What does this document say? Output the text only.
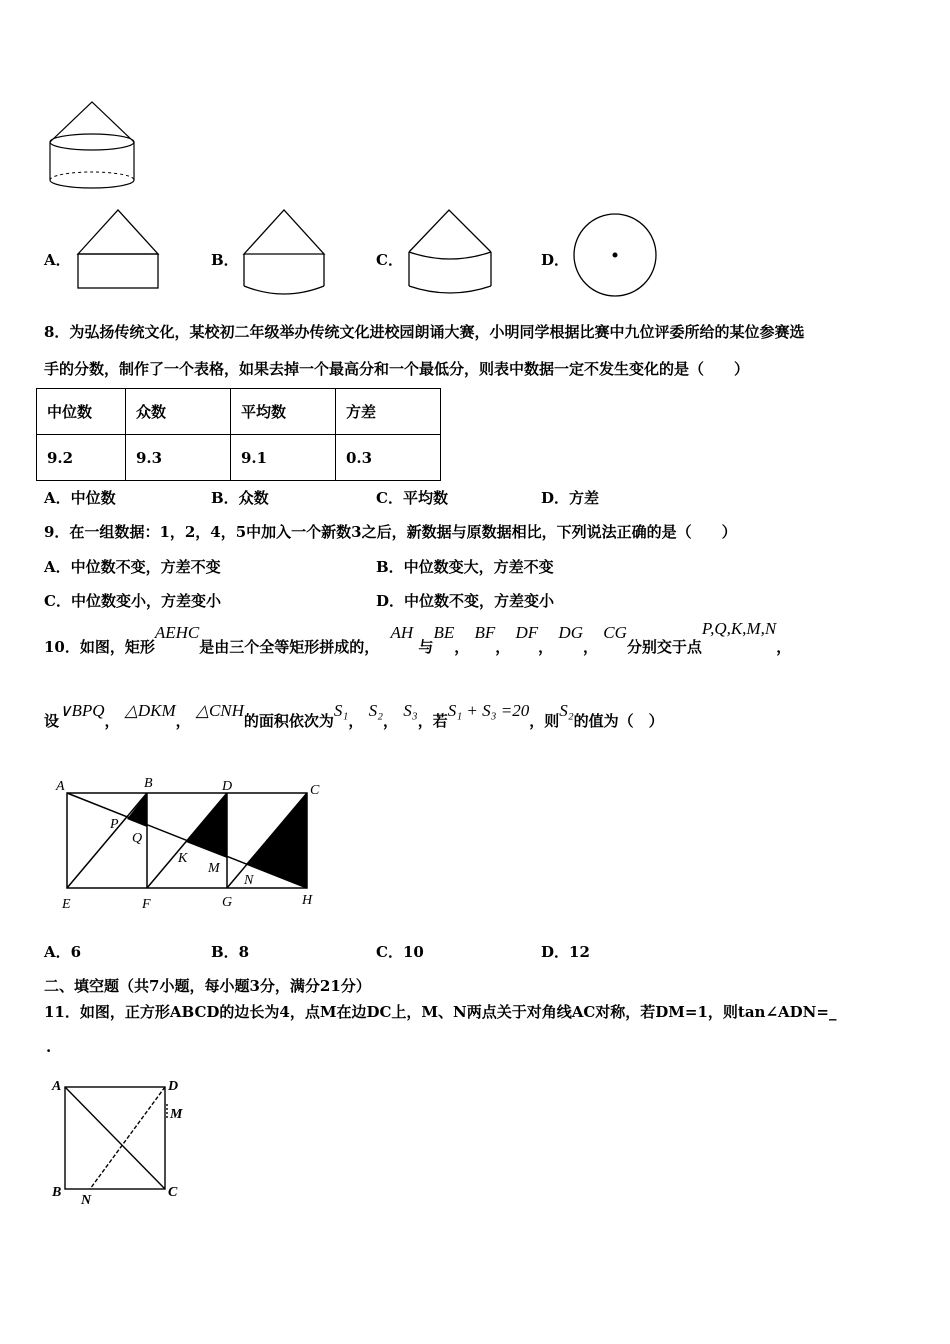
A．	B．	C．	D．
8．为弘扬传统文化，某校初二年级举办传统文化进校园朗诵大赛，小明同学根据比赛中九位评委所给的某位参赛选
手的分数，制作了一个表格，如果去掉一个最高分和一个最低分，则表中数据一定不发生变化的是（　　）
中位数	众数	平均数	方差
9.2	9.3	9.1	0.3
A．中位数	B．众数	C．平均数	D．方差
9．在一组数据：1，2，4，5中加入一个新数3之后，新数据与原数据相比，下列说法正确的是（　　）
A．中位数不变，方差不变	B．中位数变大，方差不变
C．中位数变小，方差变小	D．中位数不变，方差变小
10．如图，矩形AEHC是由三个全等矩形拼成的， AH 与BE， BF， DF， DG， CG分别交于点P,Q,K,M,N，
设∨BPQ， △DKM， △CNH的面积依次为S₁， S₂， S₃，若S₁ + S₃ =20，则S₂的值为（　）
A	B	D	C
P
Q
K
M
N
E	F	G	H
A．6	B．8	C．10	D．12
二、填空题（共7小题，每小题3分，满分21分）
11．如图，正方形ABCD的边长为4，点M在边DC上，M、N两点关于对角线AC对称，若DM=1，则tan∠ADN=_
.
A	D
M
B
N
C
